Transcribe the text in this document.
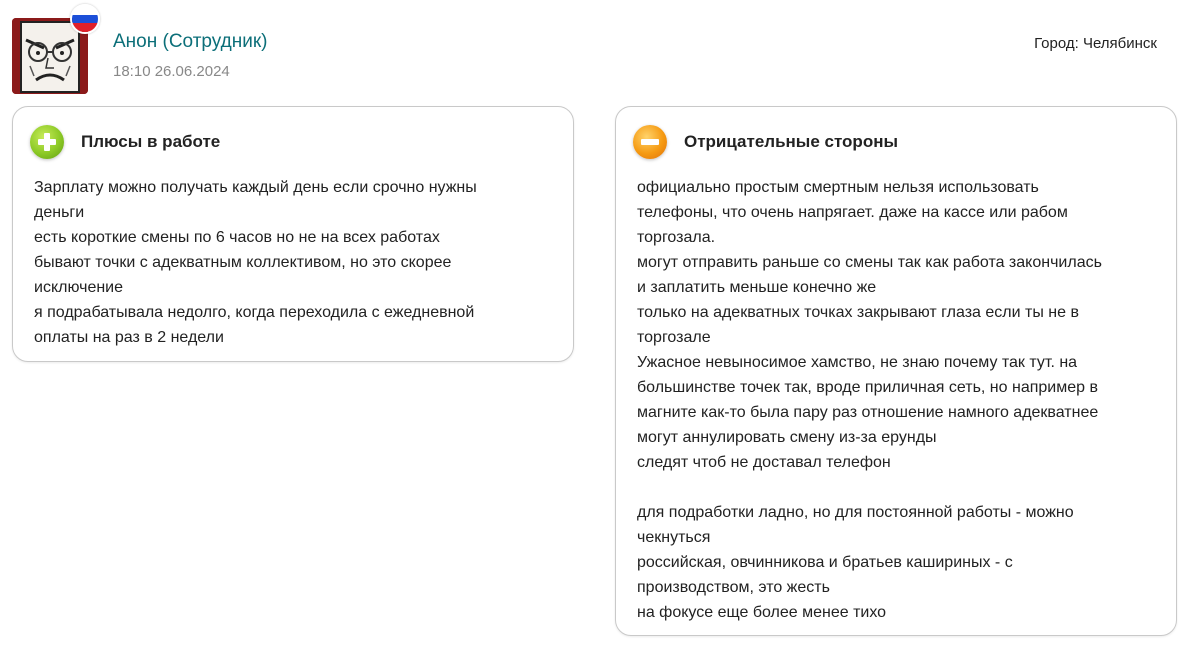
Анон (Сотрудник)
18:10 26.06.2024
Город: Челябинск
Плюсы в работе
Зарплату можно получать каждый день если срочно нужны
деньги
есть короткие смены по 6 часов но не на всех работах
бывают точки с адекватным коллективом, но это скорее
исключение
я подрабатывала недолго, когда переходила с ежедневной
оплаты на раз в 2 недели
Отрицательные стороны
официально простым смертным нельзя использовать
телефоны, что очень напрягает. даже на кассе или рабом
торгозала.
могут отправить раньше со смены так как работа закончилась
и заплатить меньше конечно же
только на адекватных точках закрывают глаза если ты не в
торгозале
Ужасное невыносимое хамство, не знаю почему так тут. на
большинстве точек так, вроде приличная сеть, но например в
магните как-то была пару раз отношение намного адекватнее
могут аннулировать смену из-за ерунды
следят чтоб не доставал телефон
для подработки ладно, но для постоянной работы - можно
чекнуться
российская, овчинникова и братьев кашириных - с
производством, это жесть
на фокусе еще более менее тихо
